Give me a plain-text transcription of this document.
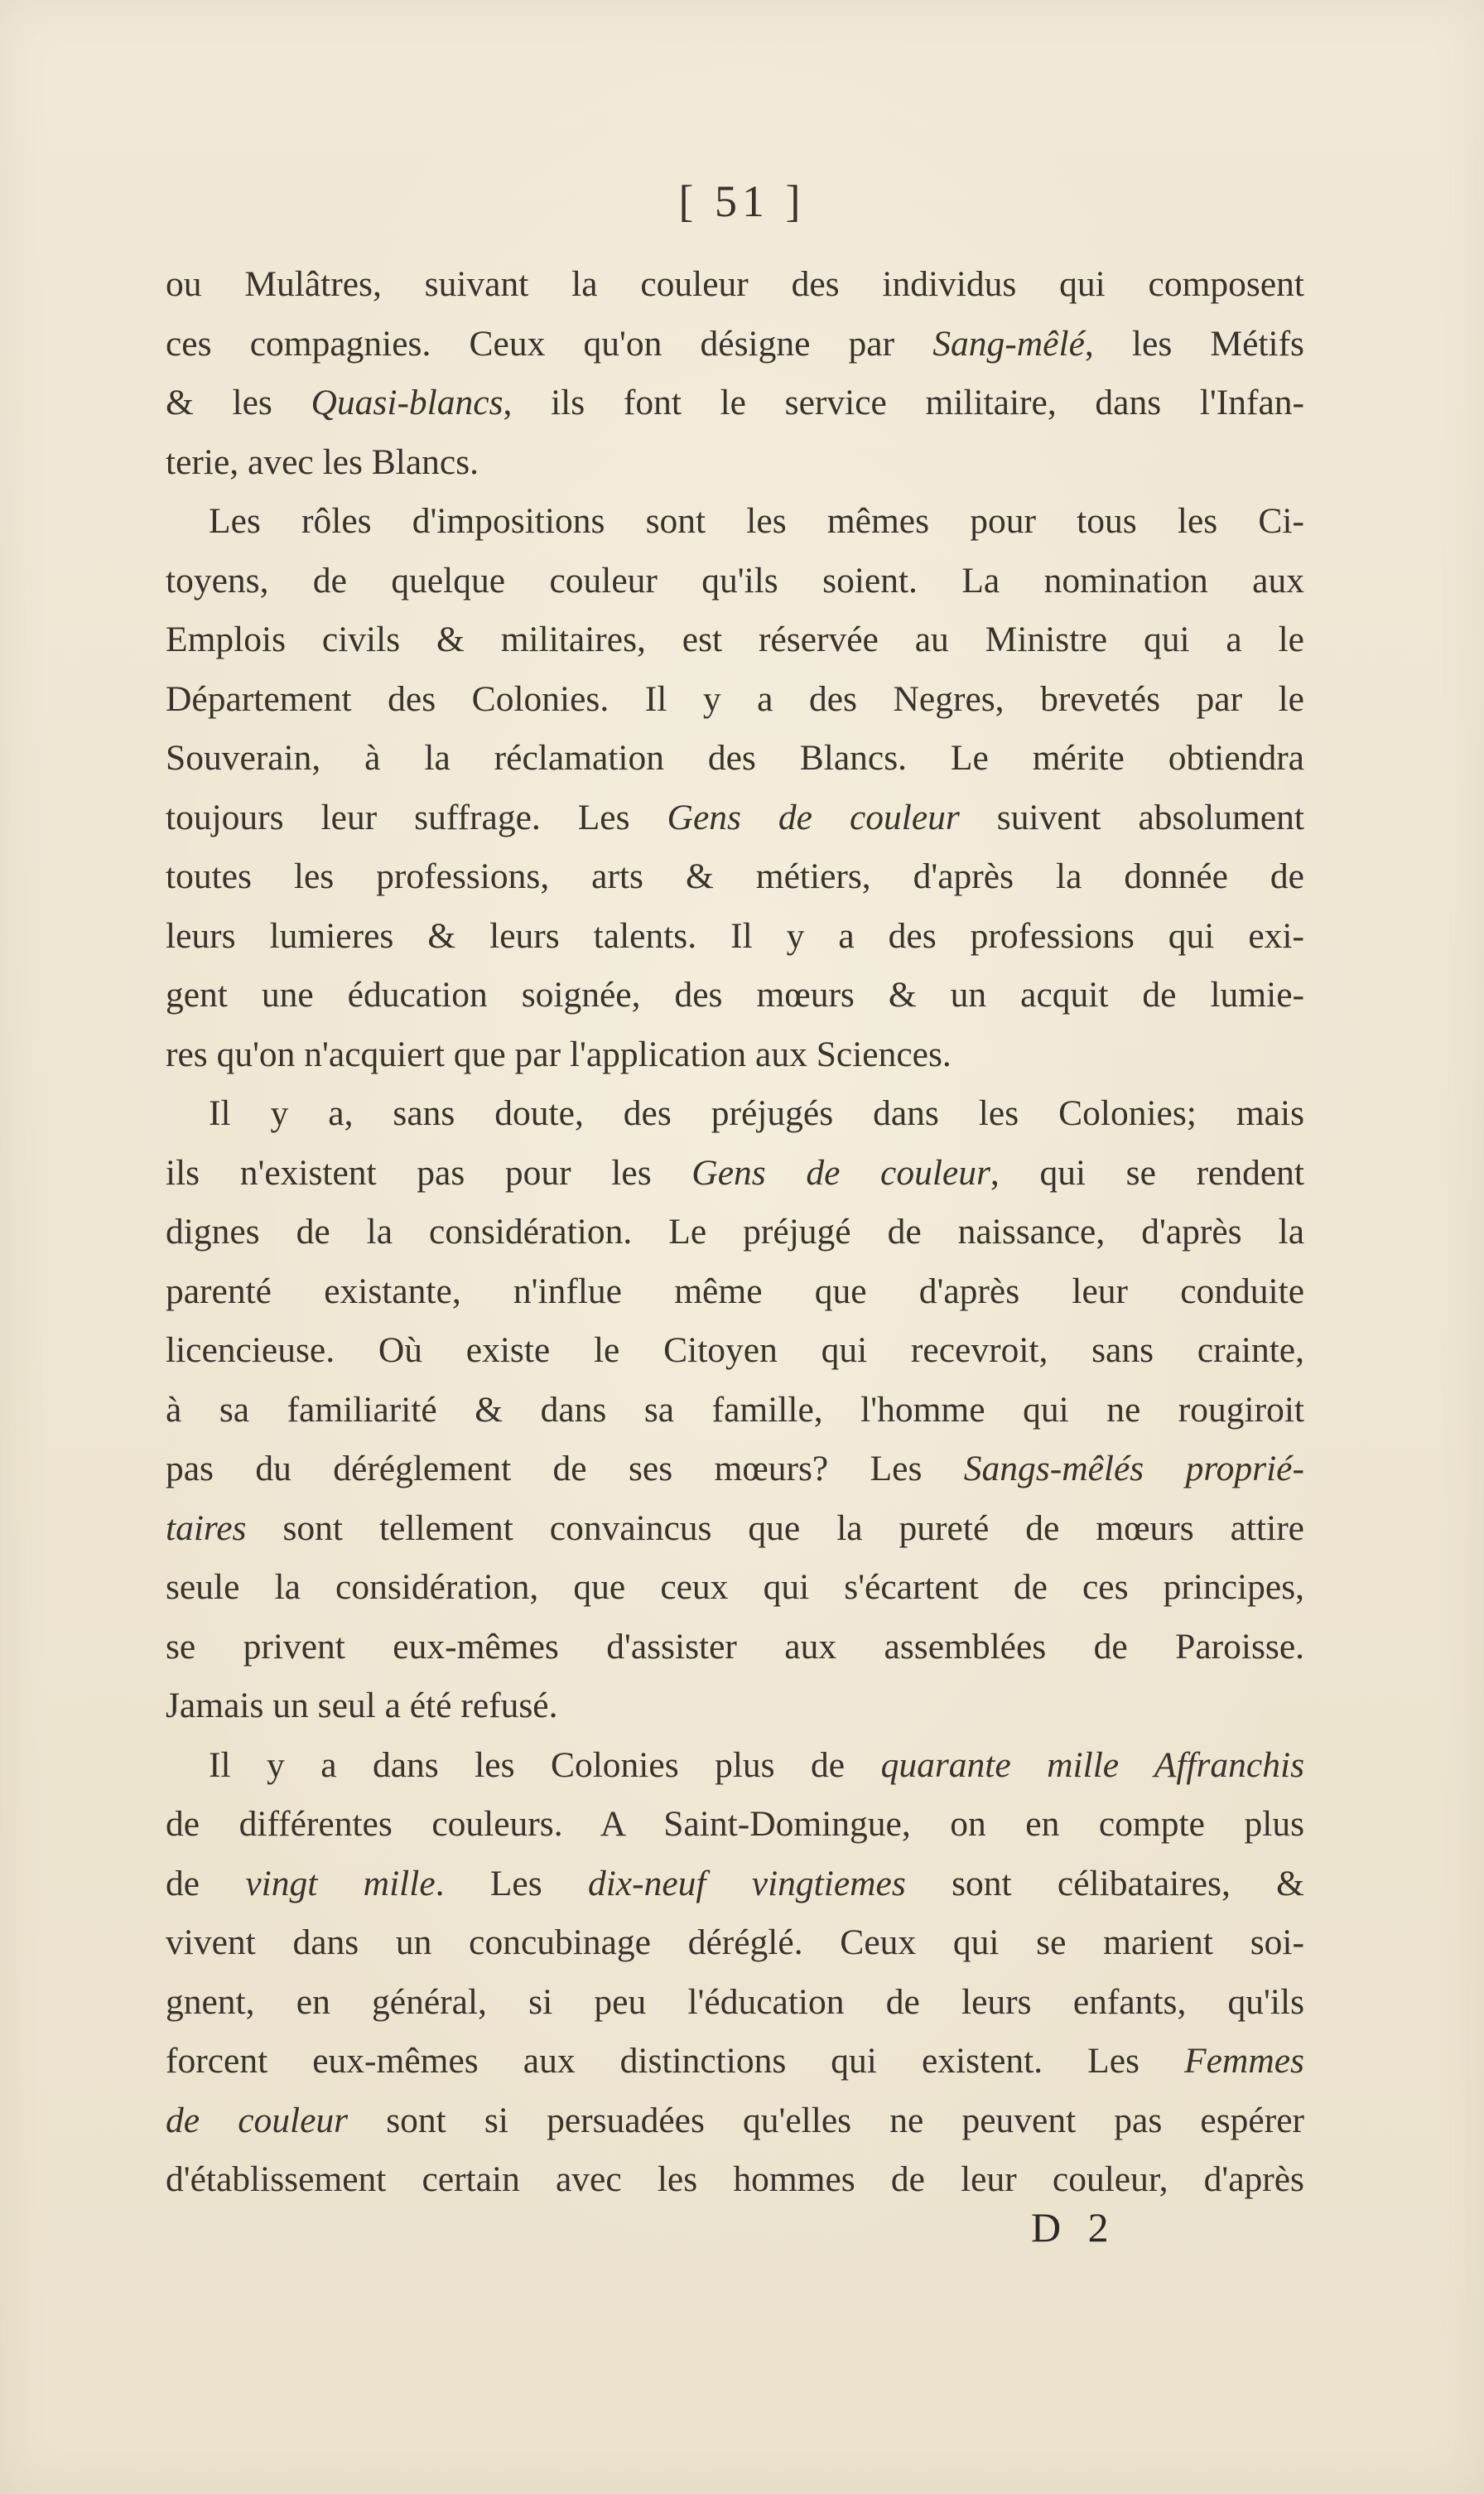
[ 51 ]
ou Mulâtres, suivant la couleur des individus qui composent
ces compagnies. Ceux qu'on désigne par Sang-mêlé, les Métifs
& les Quasi-blancs, ils font le service militaire, dans l'Infan-
terie, avec les Blancs.
Les rôles d'impositions sont les mêmes pour tous les Ci-
toyens, de quelque couleur qu'ils soient. La nomination aux
Emplois civils & militaires, est réservée au Ministre qui a le
Département des Colonies. Il y a des Negres, brevetés par le
Souverain, à la réclamation des Blancs. Le mérite obtiendra
toujours leur suffrage. Les Gens de couleur suivent absolument
toutes les professions, arts & métiers, d'après la donnée de
leurs lumieres & leurs talents. Il y a des professions qui exi-
gent une éducation soignée, des mœurs & un acquit de lumie-
res qu'on n'acquiert que par l'application aux Sciences.
Il y a, sans doute, des préjugés dans les Colonies; mais
ils n'existent pas pour les Gens de couleur, qui se rendent
dignes de la considération. Le préjugé de naissance, d'après la
parenté existante, n'influe même que d'après leur conduite
licencieuse. Où existe le Citoyen qui recevroit, sans crainte,
à sa familiarité & dans sa famille, l'homme qui ne rougiroit
pas du déréglement de ses mœurs? Les Sangs-mêlés proprié-
taires sont tellement convaincus que la pureté de mœurs attire
seule la considération, que ceux qui s'écartent de ces principes,
se privent eux-mêmes d'assister aux assemblées de Paroisse.
Jamais un seul a été refusé.
Il y a dans les Colonies plus de quarante mille Affranchis
de différentes couleurs. A Saint-Domingue, on en compte plus
de vingt mille. Les dix-neuf vingtiemes sont célibataires, &
vivent dans un concubinage déréglé. Ceux qui se marient soi-
gnent, en général, si peu l'éducation de leurs enfants, qu'ils
forcent eux-mêmes aux distinctions qui existent. Les Femmes
de couleur sont si persuadées qu'elles ne peuvent pas espérer
d'établissement certain avec les hommes de leur couleur, d'après
D 2
